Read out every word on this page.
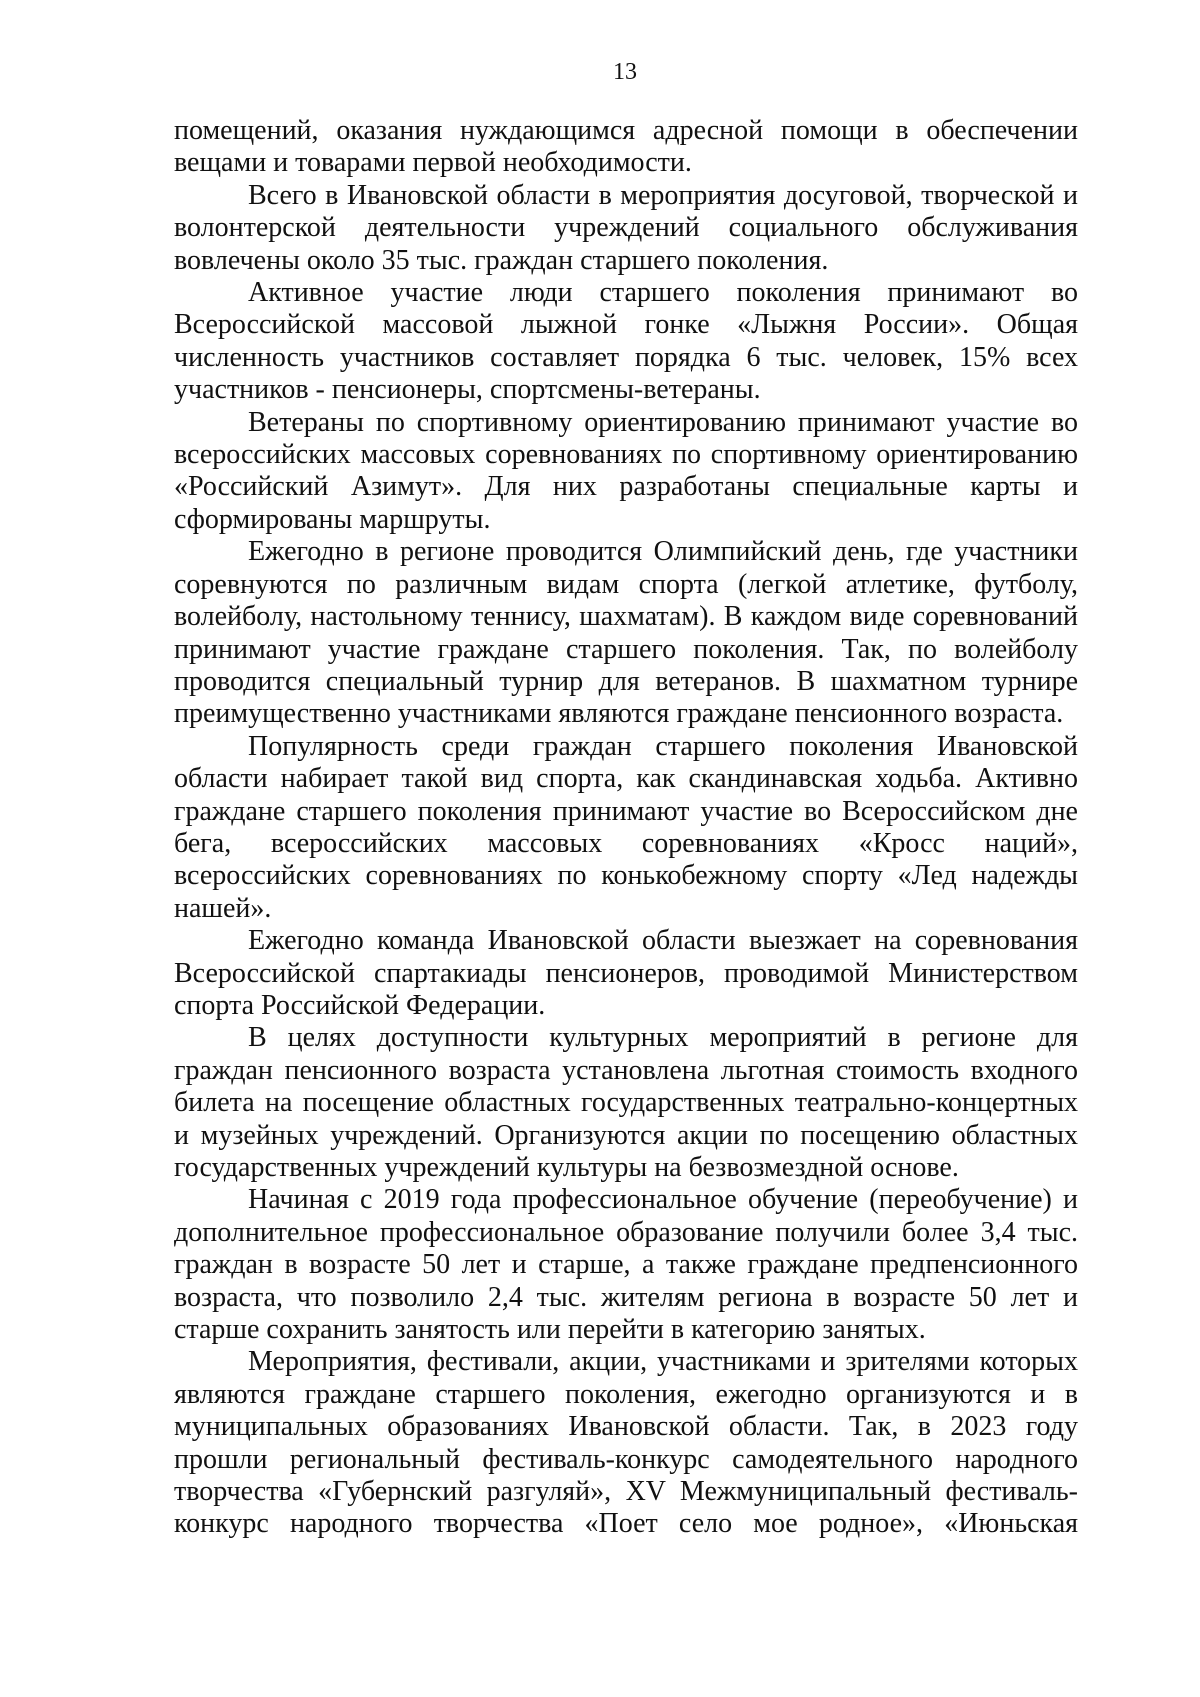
13

помещений, оказания нуждающимся адресной помощи в обеспечении вещами и товарами первой необходимости.

Всего в Ивановской области в мероприятия досуговой, творческой и волонтерской деятельности учреждений социального обслуживания вовлечены около 35 тыс. граждан старшего поколения.

Активное участие люди старшего поколения принимают во Всероссийской массовой лыжной гонке «Лыжня России». Общая численность участников составляет порядка 6 тыс. человек, 15% всех участников - пенсионеры, спортсмены-ветераны.

Ветераны по спортивному ориентированию принимают участие во всероссийских массовых соревнованиях по спортивному ориентированию «Российский Азимут». Для них разработаны специальные карты и сформированы маршруты.

Ежегодно в регионе проводится Олимпийский день, где участники соревнуются по различным видам спорта (легкой атлетике, футболу, волейболу, настольному теннису, шахматам). В каждом виде соревнований принимают участие граждане старшего поколения. Так, по волейболу проводится специальный турнир для ветеранов. В шахматном турнире преимущественно участниками являются граждане пенсионного возраста.

Популярность среди граждан старшего поколения Ивановской области набирает такой вид спорта, как скандинавская ходьба. Активно граждане старшего поколения принимают участие во Всероссийском дне бега, всероссийских массовых соревнованиях «Кросс наций», всероссийских соревнованиях по конькобежному спорту «Лед надежды нашей».

Ежегодно команда Ивановской области выезжает на соревнования Всероссийской спартакиады пенсионеров, проводимой Министерством спорта Российской Федерации.

В целях доступности культурных мероприятий в регионе для граждан пенсионного возраста установлена льготная стоимость входного билета на посещение областных государственных театрально-концертных и музейных учреждений. Организуются акции по посещению областных государственных учреждений культуры на безвозмездной основе.

Начиная с 2019 года профессиональное обучение (переобучение) и дополнительное профессиональное образование получили более 3,4 тыс. граждан в возрасте 50 лет и старше, а также граждане предпенсионного возраста, что позволило 2,4 тыс. жителям региона в возрасте 50 лет и старше сохранить занятость или перейти в категорию занятых.

Мероприятия, фестивали, акции, участниками и зрителями которых являются граждане старшего поколения, ежегодно организуются и в муниципальных образованиях Ивановской области. Так, в 2023 году прошли региональный фестиваль-конкурс самодеятельного народного творчества «Губернский разгуляй», XV Межмуниципальный фестиваль-конкурс народного творчества «Поет село мое родное», «Июньская
